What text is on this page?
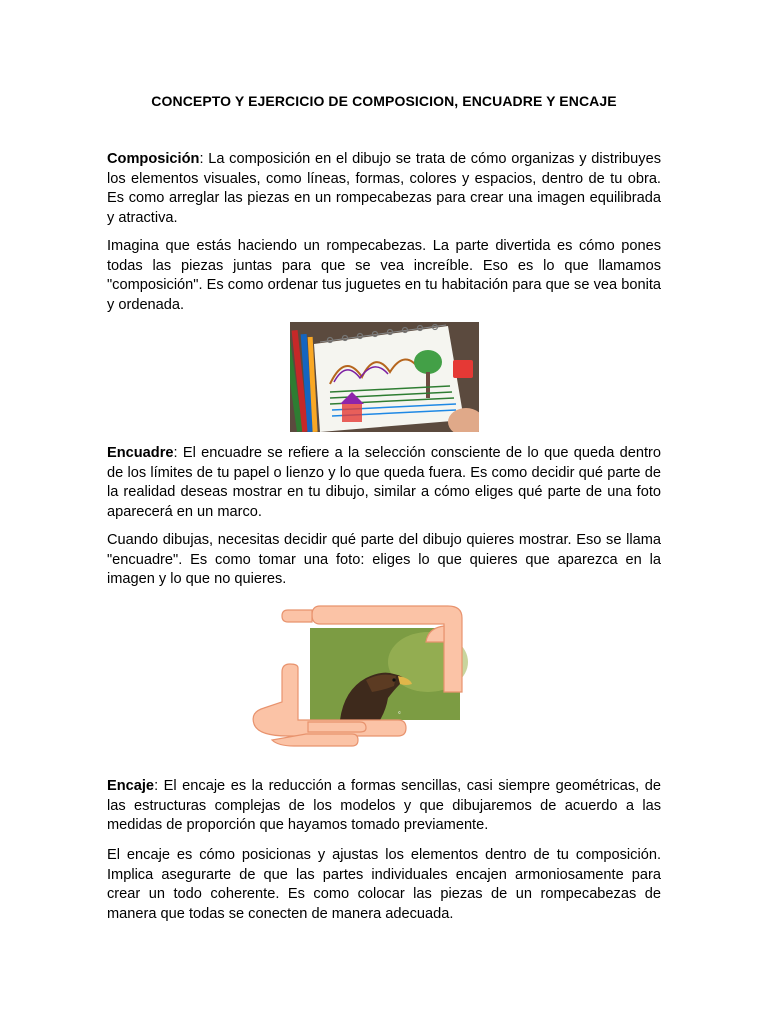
CONCEPTO Y EJERCICIO DE COMPOSICION, ENCUADRE Y ENCAJE

Composición: La composición en el dibujo se trata de cómo organizas y distribuyes los elementos visuales, como líneas, formas, colores y espacios, dentro de tu obra. Es como arreglar las piezas en un rompecabezas para crear una imagen equilibrada y atractiva.

Imagina que estás haciendo un rompecabezas. La parte divertida es cómo pones todas las piezas juntas para que se vea increíble. Eso es lo que llamamos "composición". Es como ordenar tus juguetes en tu habitación para que se vea bonita y ordenada.

Encuadre: El encuadre se refiere a la selección consciente de lo que queda dentro de los límites de tu papel o lienzo y lo que queda fuera. Es como decidir qué parte de la realidad deseas mostrar en tu dibujo, similar a cómo eliges qué parte de una foto aparecerá en un marco.

Cuando dibujas, necesitas decidir qué parte del dibujo quieres mostrar. Eso se llama "encuadre". Es como tomar una foto: eliges lo que quieres que aparezca en la imagen y lo que no quieres.

©

Encaje: El encaje es la reducción a formas sencillas, casi siempre geométricas, de las estructuras complejas de los modelos y que dibujaremos de acuerdo a las medidas de proporción que hayamos tomado previamente.

El encaje es cómo posicionas y ajustas los elementos dentro de tu composición. Implica asegurarte de que las partes individuales encajen armoniosamente para crear un todo coherente. Es como colocar las piezas de un rompecabezas de manera que todas se conecten de manera adecuada.
